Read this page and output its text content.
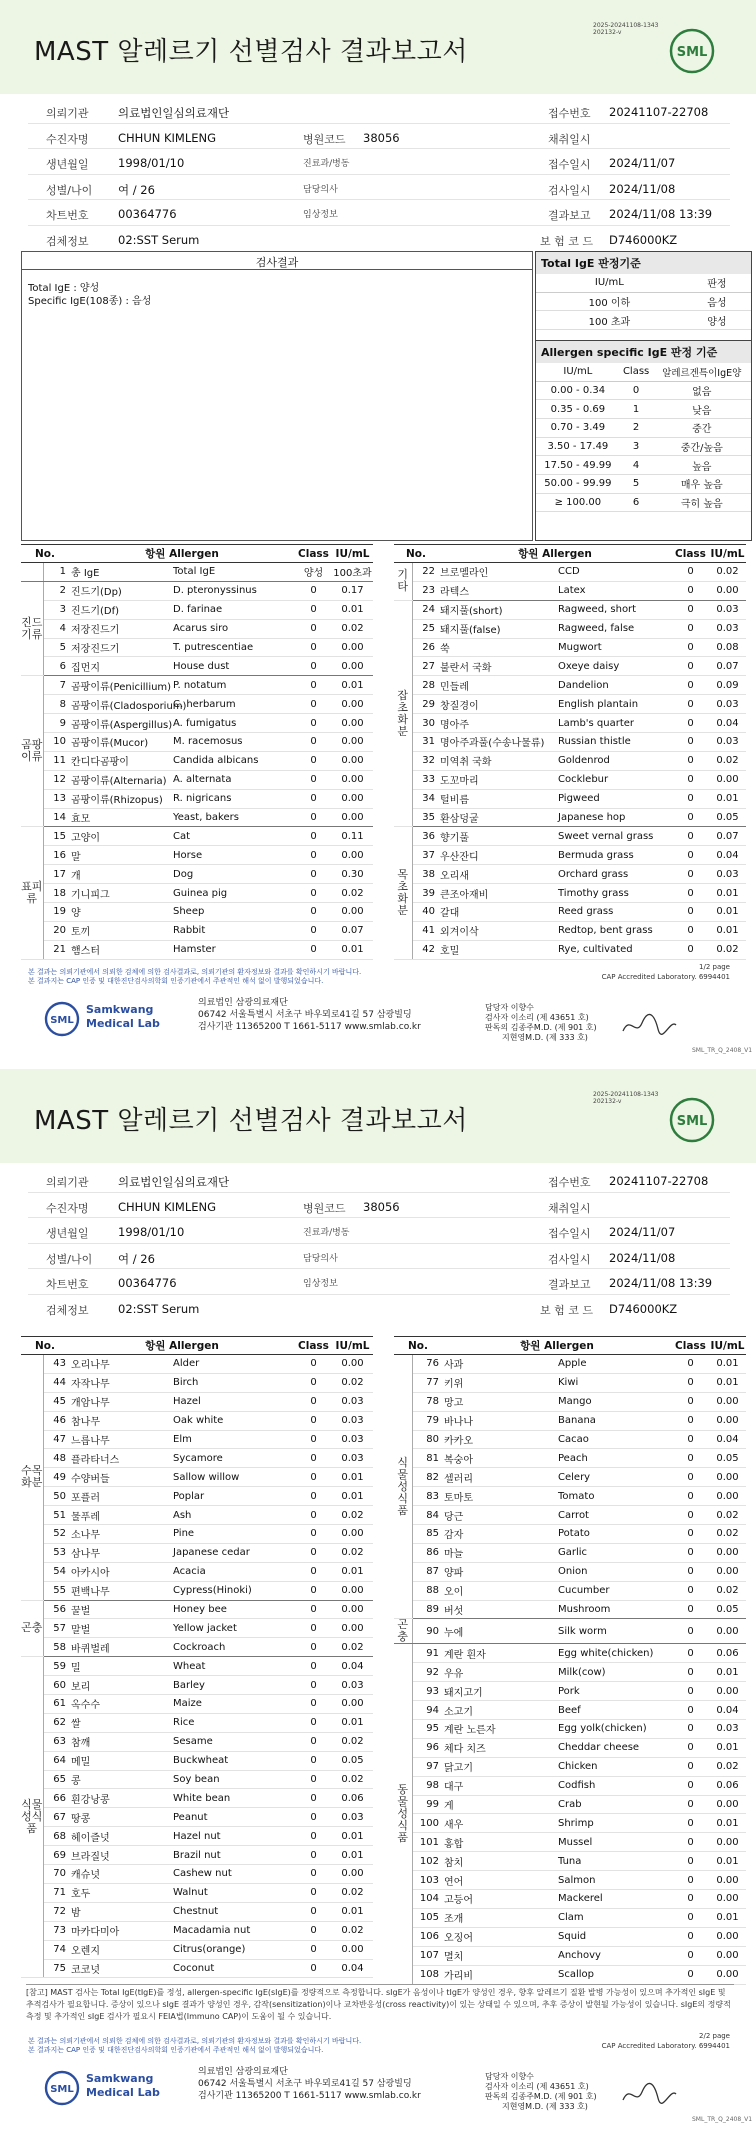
MAST 알레르기 선별검사 결과보고서
2025-20241108-1343
202132-v
SML
의뢰기관	의료법인일심의료재단	접수번호 20241107-22708
수진자명	CHHUN KIMLENG	병원코드 38056	채취일시
생년월일	1998/01/10	진료과/병동	접수일시 2024/11/07
성별/나이 여 / 26	담당의사	검사일시 2024/11/08
차트번호	00364776	임상정보	결과보고 2024/11/08 13:39
검체정보	02:SST Serum	보 험 코 드 D746000KZ
검사결과
Total IgE : 양성
Specific IgE(108종) : 음성
Total IgE 판정기준
IU/mL	판정
100 이하	음성
100 초과	양성
Allergen specific IgE 판정 기준
IU/mL	Class	알레르겐특이IgE양
0.00 - 0.34	0	없음
0.35 - 0.69	1	낮음
0.70 - 3.49	2	중간
3.50 - 17.49	3	중간/높음
17.50 - 49.99	4	높음
50.00 - 99.99	5	매우 높음
≥ 100.00	6	극히 높음
No.		항원 Allergen		Class	IU/mL
	1	총 IgE	Total IgE	양성	100초과
진드기류	2	진드기(Dp)	D. pteronyssinus	0	0.17
	3	진드기(Df)	D. farinae	0	0.01
	4	저장진드기	Acarus siro	0	0.02
	5	저장진드기	T. putrescentiae	0	0.00
	6	집먼지	House dust	0	0.00
곰팡이류	7	곰팡이류(Penicillium)	P. notatum	0	0.01
	8	곰팡이류(Cladosporium)	C. herbarum	0	0.00
	9	곰팡이류(Aspergillus)	A. fumigatus	0	0.00
	10	곰팡이류(Mucor)	M. racemosus	0	0.00
	11	칸디다곰팡이	Candida albicans	0	0.00
	12	곰팡이류(Alternaria)	A. alternata	0	0.00
	13	곰팡이류(Rhizopus)	R. nigricans	0	0.00
	14	효모	Yeast, bakers	0	0.00
표피류	15	고양이	Cat	0	0.11
	16	말	Horse	0	0.00
	17	개	Dog	0	0.30
	18	기니피그	Guinea pig	0	0.02
	19	양	Sheep	0	0.00
	20	토끼	Rabbit	0	0.07
	21	햄스터	Hamster	0	0.01
No.		항원 Allergen		Class	IU/mL
기타	22	브로멜라인	CCD	0	0.02
	23	라텍스	Latex	0	0.00
잡초화분	24	돼지풀(short)	Ragweed, short	0	0.03
	25	돼지풀(false)	Ragweed, false	0	0.03
	26	쑥	Mugwort	0	0.08
	27	불란서 국화	Oxeye daisy	0	0.07
	28	민들레	Dandelion	0	0.09
	29	창질경이	English plantain	0	0.03
	30	명아주	Lamb's quarter	0	0.04
	31	명아주과풀(수송나물류)	Russian thistle	0	0.03
	32	미역취 국화	Goldenrod	0	0.02
	33	도꼬마리	Cocklebur	0	0.00
	34	털비름	Pigweed	0	0.01
	35	환삼덩굴	Japanese hop	0	0.05
목초화분	36	향기풀	Sweet vernal grass	0	0.07
	37	우산잔디	Bermuda grass	0	0.04
	38	오리새	Orchard grass	0	0.03
	39	큰조아재비	Timothy grass	0	0.01
	40	갈대	Reed grass	0	0.01
	41	외겨이삭	Redtop, bent grass	0	0.01
	42	호밀	Rye, cultivated	0	0.02
본 결과는 의뢰기관에서 의뢰한 검체에 의한 검사결과로, 의뢰기관의 환자정보와 결과를 확인하시기 바랍니다.
본 결과지는 CAP 인증 및 대한진단검사의학회 인증기관에서 주관적인 해석 없이 발행되었습니다.
1/2 page
CAP Accredited Laboratory. 6994401
SML
Samkwang
Medical Lab
의료법인 삼광의료재단
06742 서울특별시 서초구 바우뫼로41길 57 삼광빌딩
검사기관 11365200 T 1661-5117 www.smlab.co.kr
담당자 이향수
검사자 이소리 (제 43651 호)
판독의 김종주M.D. (제 901 호)
지현영M.D. (제 333 호)
SML_TR_Q_2408_V1
MAST 알레르기 선별검사 결과보고서
2025-20241108-1343
202132-v
SML
의뢰기관	의료법인일심의료재단	접수번호 20241107-22708
수진자명	CHHUN KIMLENG	병원코드 38056	채취일시
생년월일	1998/01/10	진료과/병동	접수일시 2024/11/07
성별/나이 여 / 26	담당의사	검사일시 2024/11/08
차트번호	00364776	임상정보	결과보고 2024/11/08 13:39
검체정보	02:SST Serum	보 험 코 드 D746000KZ
No.		항원 Allergen		Class	IU/mL
수목화분	43	오리나무	Alder	0	0.00
	44	자작나무	Birch	0	0.02
	45	개암나무	Hazel	0	0.03
	46	참나무	Oak white	0	0.03
	47	느릅나무	Elm	0	0.03
	48	플라타너스	Sycamore	0	0.03
	49	수양버들	Sallow willow	0	0.01
	50	포플러	Poplar	0	0.01
	51	물푸레	Ash	0	0.02
	52	소나무	Pine	0	0.00
	53	삼나무	Japanese cedar	0	0.02
	54	아카시아	Acacia	0	0.01
	55	편백나무	Cypress(Hinoki)	0	0.00
곤충	56	꿀벌	Honey bee	0	0.00
	57	말벌	Yellow jacket	0	0.00
	58	바퀴벌레	Cockroach	0	0.02
식물성식품	59	밀	Wheat	0	0.04
	60	보리	Barley	0	0.03
	61	옥수수	Maize	0	0.00
	62	쌀	Rice	0	0.01
	63	참깨	Sesame	0	0.02
	64	메밀	Buckwheat	0	0.05
	65	콩	Soy bean	0	0.02
	66	흰강낭콩	White bean	0	0.06
	67	땅콩	Peanut	0	0.03
	68	헤이즐넛	Hazel nut	0	0.01
	69	브라질넛	Brazil nut	0	0.01
	70	캐슈넛	Cashew nut	0	0.00
	71	호두	Walnut	0	0.02
	72	밤	Chestnut	0	0.01
	73	마카다미아	Macadamia nut	0	0.02
	74	오렌지	Citrus(orange)	0	0.00
	75	코코넛	Coconut	0	0.04
No.		항원 Allergen		Class	IU/mL
식물성식품	76	사과	Apple	0	0.01
	77	키위	Kiwi	0	0.01
	78	망고	Mango	0	0.00
	79	바나나	Banana	0	0.00
	80	카카오	Cacao	0	0.04
	81	복숭아	Peach	0	0.05
	82	셀러리	Celery	0	0.00
	83	토마토	Tomato	0	0.00
	84	당근	Carrot	0	0.02
	85	감자	Potato	0	0.02
	86	마늘	Garlic	0	0.00
	87	양파	Onion	0	0.00
	88	오이	Cucumber	0	0.02
	89	버섯	Mushroom	0	0.05
곤충	90	누에	Silk worm	0	0.00
동물성식품	91	계란 흰자	Egg white(chicken)	0	0.06
	92	우유	Milk(cow)	0	0.01
	93	돼지고기	Pork	0	0.00
	94	소고기	Beef	0	0.04
	95	계란 노른자	Egg yolk(chicken)	0	0.03
	96	체다 치즈	Cheddar cheese	0	0.01
	97	닭고기	Chicken	0	0.02
	98	대구	Codfish	0	0.06
	99	게	Crab	0	0.00
	100	새우	Shrimp	0	0.01
	101	홍합	Mussel	0	0.00
	102	참치	Tuna	0	0.01
	103	연어	Salmon	0	0.00
	104	고등어	Mackerel	0	0.00
	105	조개	Clam	0	0.01
	106	오징어	Squid	0	0.00
	107	멸치	Anchovy	0	0.00
	108	가리비	Scallop	0	0.00
[참고] MAST 검사는 Total IgE(tIgE)를 정성, allergen-specific IgE(sIgE)를 정량적으로 측정합니다. sIgE가 음성이나 tIgE가 양성인 경우, 향후 알레르기 질환 발병 가능성이 있으며 추가적인 sIgE 및 추적검사가 필요합니다. 증상이 있으나 sIgE 결과가 양성인 경우, 감작(sensitization)이나 교차반응성(cross reactivity)이 있는 상태일 수 있으며, 추후 증상이 발현될 가능성이 있습니다. sIgE의 정량적 측정 및 추가적인 sIgE 검사가 필요시 FEIA법(Immuno CAP)이 도움이 될 수 있습니다.
본 결과는 의뢰기관에서 의뢰한 검체에 의한 검사결과로, 의뢰기관의 환자정보와 결과를 확인하시기 바랍니다.
본 결과지는 CAP 인증 및 대한진단검사의학회 인증기관에서 주관적인 해석 없이 발행되었습니다.
2/2 page
CAP Accredited Laboratory. 6994401
SML
Samkwang
Medical Lab
의료법인 삼광의료재단
06742 서울특별시 서초구 바우뫼로41길 57 삼광빌딩
검사기관 11365200 T 1661-5117 www.smlab.co.kr
담당자 이향수
검사자 이소리 (제 43651 호)
판독의 김종주M.D. (제 901 호)
지현영M.D. (제 333 호)
SML_TR_Q_2408_V1
